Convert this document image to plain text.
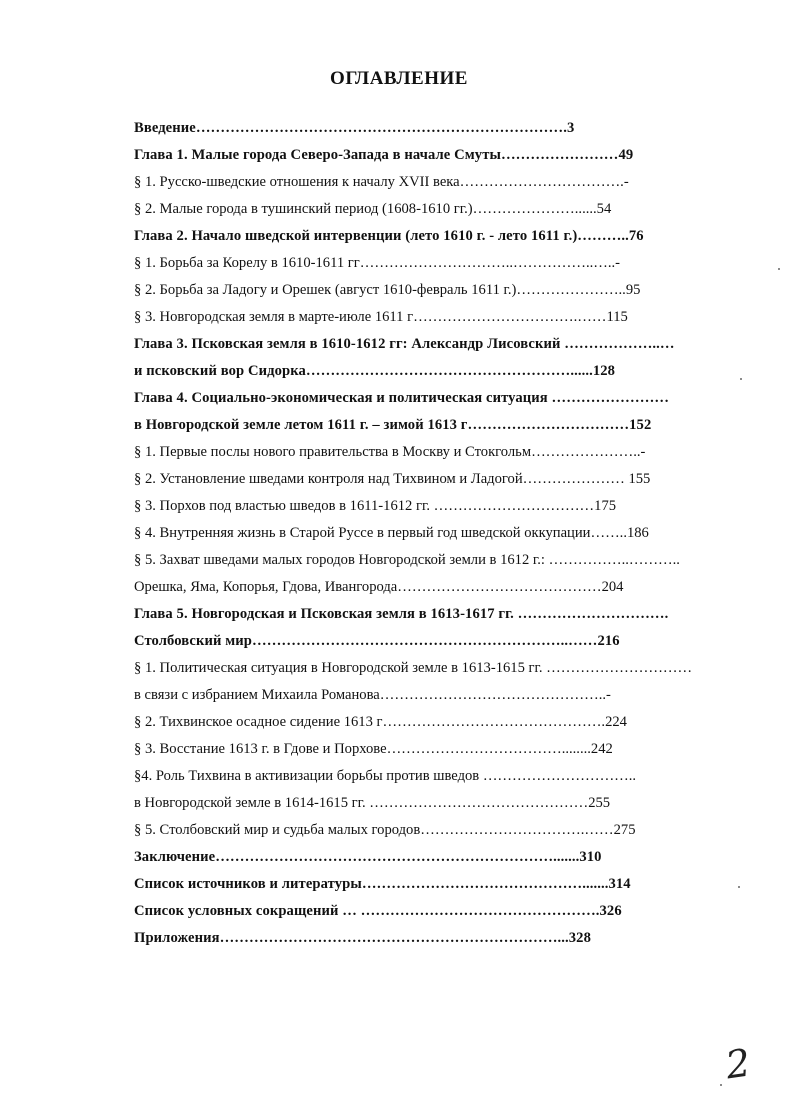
ОГЛАВЛЕНИЕ
Введение………………………………………………………………….3
Глава 1. Малые города Северо-Запада в начале Смуты……………………49
§ 1. Русско-шведские отношения к началу XVII века…………………………….-
§ 2. Малые города в тушинский период (1608-1610 гг.)…………………......54
Глава 2. Начало шведской интервенции (лето 1610 г. - лето 1611 г.)………..76
§ 1. Борьба за Корелу в 1610-1611 гг…………………………..……………..…..-
§ 2. Борьба за Ладогу и Орешек (август 1610-февраль 1611 г.)…………………..95
§ 3. Новгородская земля в марте-июле 1611 г…………………………….……115
Глава 3. Псковская земля в 1610-1612 гг: Александр Лисовский ………………..…
и псковский вор Сидорка………………………………………………......128
Глава 4. Социально-экономическая и политическая ситуация ……………………
в Новгородской земле летом 1611 г. – зимой 1613 г……………………………152
§ 1. Первые послы нового правительства в Москву и Стокгольм…………………..-
§ 2. Установление шведами контроля над Тихвином и Ладогой………………… 155
§ 3. Порхов под властью шведов в 1611-1612 гг. ……………………………175
§ 4. Внутренняя жизнь в Старой Руссе в первый год шведской оккупации……..186
§ 5. Захват шведами малых городов Новгородской земли в 1612 г.: ……………..………..
Орешка, Яма, Копорья, Гдова, Ивангорода……………………………………204
Глава 5. Новгородская и Псковская земля в 1613-1617 гг. ………………………….
Столбовский мир………………………………………………………..……216
§ 1. Политическая ситуация в Новгородской земле в 1613-1615 гг. …………………………
в связи с избранием Михаила Романова………………………………………..-
§ 2. Тихвинское осадное сидение 1613 г……………………………………….224
§ 3. Восстание 1613 г. в Гдове и Порхове………………………………........242
§4. Роль Тихвина в активизации борьбы против шведов …………………………..
в Новгородской земле в 1614-1615 гг. ………………………………………255
§ 5. Столбовский мир и судьба малых городов…………………………….……275
Заключение…………………………………………………………….......310
Список источников и литературы……………………………………….......314
Список условных сокращений … ………………………………………….326
Приложения……………………………………………………………...328
2
